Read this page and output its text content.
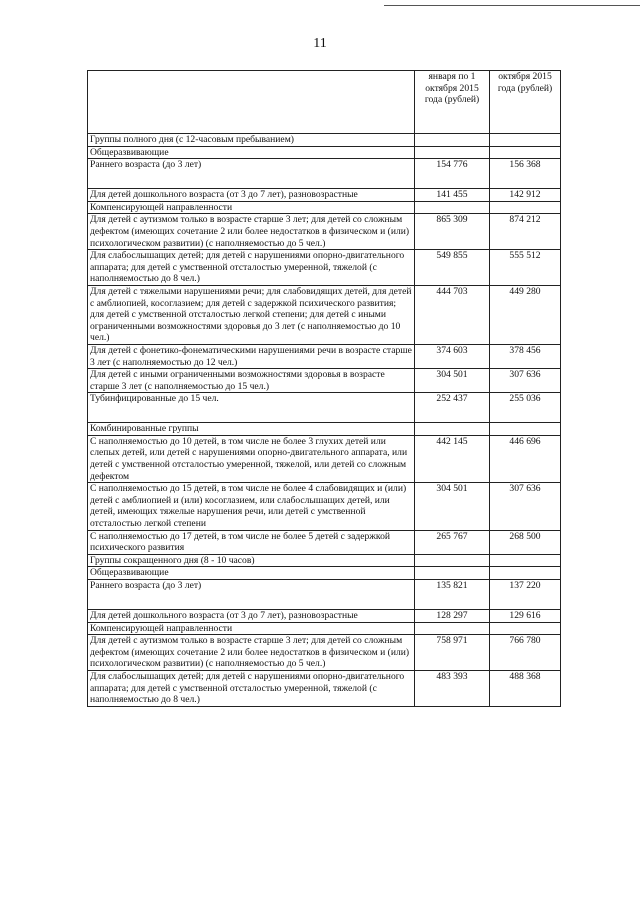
11
	января по 1 октября 2015 года (рублей)	октября 2015 года (рублей)
Группы полного дня (с 12-часовым пребыванием)		
Общеразвивающие		
Раннего возраста (до 3 лет)	154 776	156 368
Для детей дошкольного возраста (от 3 до 7 лет), разновозрастные	141 455	142 912
Компенсирующей направленности		
Для детей с аутизмом только в возрасте старше 3 лет; для детей со сложным дефектом (имеющих сочетание 2 или более недостатков в физическом и (или) психологическом развитии) (с наполняемостью до 5 чел.)	865 309	874 212
Для слабослышащих детей; для детей с нарушениями опорно-двигательного аппарата; для детей с умственной отсталостью умеренной, тяжелой (с наполняемостью до 8 чел.)	549 855	555 512
Для детей с тяжелыми нарушениями речи; для слабовидящих детей, для детей с амблиопией, косоглазием; для детей с задержкой психического развития; для детей с умственной отсталостью легкой степени; для детей с иными ограниченными возможностями здоровья до 3 лет (с наполняемостью до 10 чел.)	444 703	449 280
Для детей с фонетико-фонематическими нарушениями речи в возрасте старше 3 лет (с наполняемостью до 12 чел.)	374 603	378 456
Для детей с иными ограниченными возможностями здоровья в возрасте старше 3 лет (с наполняемостью до 15 чел.)	304 501	307 636
Тубинфицированные до 15 чел.	252 437	255 036
Комбинированные группы		
С наполняемостью до 10 детей, в том числе не более 3 глухих детей или слепых детей, или детей с нарушениями опорно-двигательного аппарата, или детей с умственной отсталостью умеренной, тяжелой, или детей со сложным дефектом	442 145	446 696
С наполняемостью до 15 детей, в том числе не более 4 слабовидящих и (или) детей с амблиопией и (или) косоглазием, или слабослышащих детей, или детей, имеющих тяжелые нарушения речи, или детей с умственной отсталостью легкой степени	304 501	307 636
С наполняемостью до 17 детей, в том числе не более 5 детей с задержкой психического развития	265 767	268 500
Группы сокращенного дня (8 - 10 часов)		
Общеразвивающие		
Раннего возраста (до 3 лет)	135 821	137 220
Для детей дошкольного возраста (от 3 до 7 лет), разновозрастные	128 297	129 616
Компенсирующей направленности		
Для детей с аутизмом только в возрасте старше 3 лет; для детей со сложным дефектом (имеющих сочетание 2 или более недостатков в физическом и (или) психологическом развитии) (с наполняемостью до 5 чел.)	758 971	766 780
Для слабослышащих детей; для детей с нарушениями опорно-двигательного аппарата; для детей с умственной отсталостью умеренной, тяжелой (с наполняемостью до 8 чел.)	483 393	488 368
